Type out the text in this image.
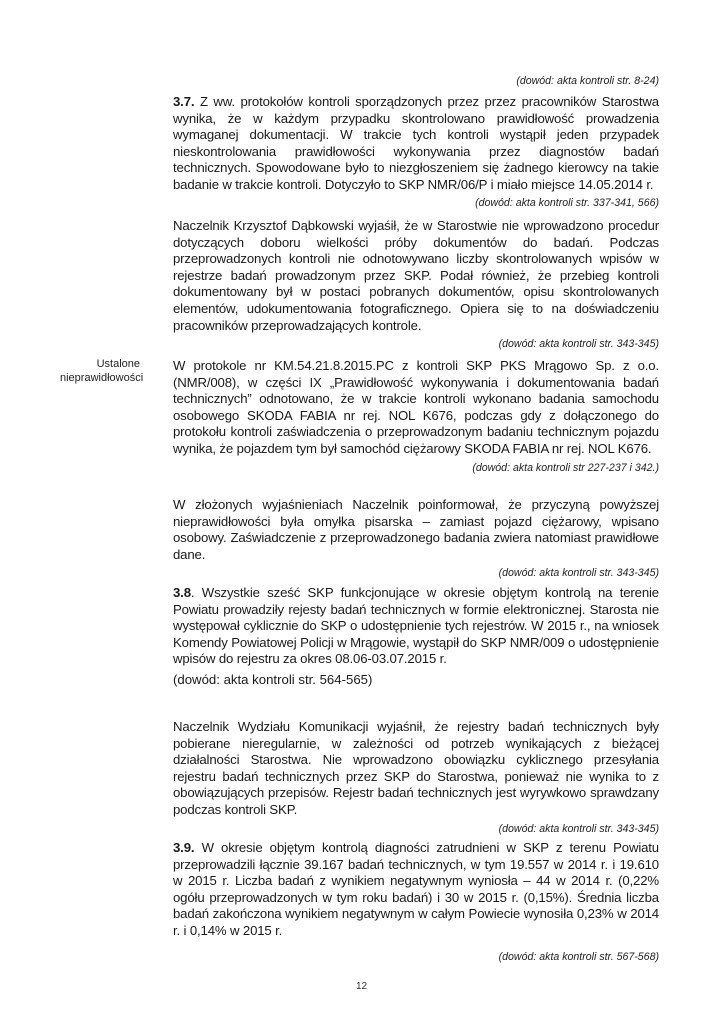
Ustalone
nieprawidłowości

(dowód: akta kontroli str. 8-24)

3.7. Z ww. protokołów kontroli sporządzonych przez przez pracowników Starostwa wynika, że w każdym przypadku skontrolowano prawidłowość prowadzenia wymaganej dokumentacji. W trakcie tych kontroli wystąpił jeden przypadek nieskontrolowania prawidłowości wykonywania przez diagnostów badań technicznych. Spowodowane było to niezgłoszeniem się żadnego kierowcy na takie badanie w trakcie kontroli. Dotyczyło to SKP NMR/06/P i miało miejsce 14.05.2014 r.

(dowód: akta kontroli str. 337-341, 566)

Naczelnik Krzysztof Dąbkowski wyjaśił, że w Starostwie nie wprowadzono procedur dotyczących doboru wielkości próby dokumentów do badań. Podczas przeprowadzonych kontroli nie odnotowywano liczby skontrolowanych wpisów w rejestrze badań prowadzonym przez SKP. Podał również, że przebieg kontroli dokumentowany był w postaci pobranych dokumentów, opisu skontrolowanych elementów, udokumentowania fotograficznego. Opiera się to na doświadczeniu pracowników przeprowadzających kontrole.

(dowód: akta kontroli str. 343-345)

W protokole nr KM.54.21.8.2015.PC z kontroli SKP PKS Mrągowo Sp. z o.o. (NMR/008), w części IX „Prawidłowość wykonywania i dokumentowania badań technicznych” odnotowano, że w trakcie kontroli wykonano badania samochodu osobowego SKODA FABIA nr rej. NOL K676, podczas gdy z dołączonego do protokołu kontroli zaświadczenia o przeprowadzonym badaniu technicznym pojazdu wynika, że pojazdem tym był samochód ciężarowy SKODA FABIA nr rej. NOL K676.

(dowód: akta kontroli str 227-237 i 342.)

W złożonych wyjaśnieniach Naczelnik poinformował, że przyczyną powyższej nieprawidłowości była omyłka pisarska – zamiast pojazd ciężarowy, wpisano osobowy. Zaświadczenie z przeprowadzonego badania zwiera natomiast prawidłowe dane.

(dowód: akta kontroli str. 343-345)

3.8. Wszystkie sześć SKP funkcjonujące w okresie objętym kontrolą na terenie Powiatu prowadziły rejesty badań technicznych w formie elektronicznej. Starosta nie występował cyklicznie do SKP o udostępnienie tych rejestrów. W 2015 r., na wniosek Komendy Powiatowej Policji w Mrągowie, wystąpił do SKP NMR/009 o udostępnienie wpisów do rejestru za okres 08.06-03.07.2015 r.

(dowód: akta kontroli str. 564-565)

Naczelnik Wydziału Komunikacji wyjaśnił, że rejestry badań technicznych były pobierane nieregularnie, w zależności od potrzeb wynikających z bieżącej działalności Starostwa. Nie wprowadzono obowiązku cyklicznego przesyłania rejestru badań technicznych przez SKP do Starostwa, ponieważ nie wynika to z obowiązujących przepisów. Rejestr badań technicznych jest wyrywkowo sprawdzany podczas kontroli SKP.

(dowód: akta kontroli str. 343-345)

3.9. W okresie objętym kontrolą diagności zatrudnieni w SKP z terenu Powiatu przeprowadzili łącznie 39.167 badań technicznych, w tym 19.557 w 2014 r. i 19.610 w 2015 r. Liczba badań z wynikiem negatywnym wyniosła – 44 w 2014 r. (0,22% ogółu przeprowadzonych w tym roku badań) i 30 w 2015 r. (0,15%). Średnia liczba badań zakończona wynikiem negatywnym w całym Powiecie wynosiła 0,23% w 2014 r. i 0,14% w 2015 r.

(dowód: akta kontroli str. 567-568)

12
